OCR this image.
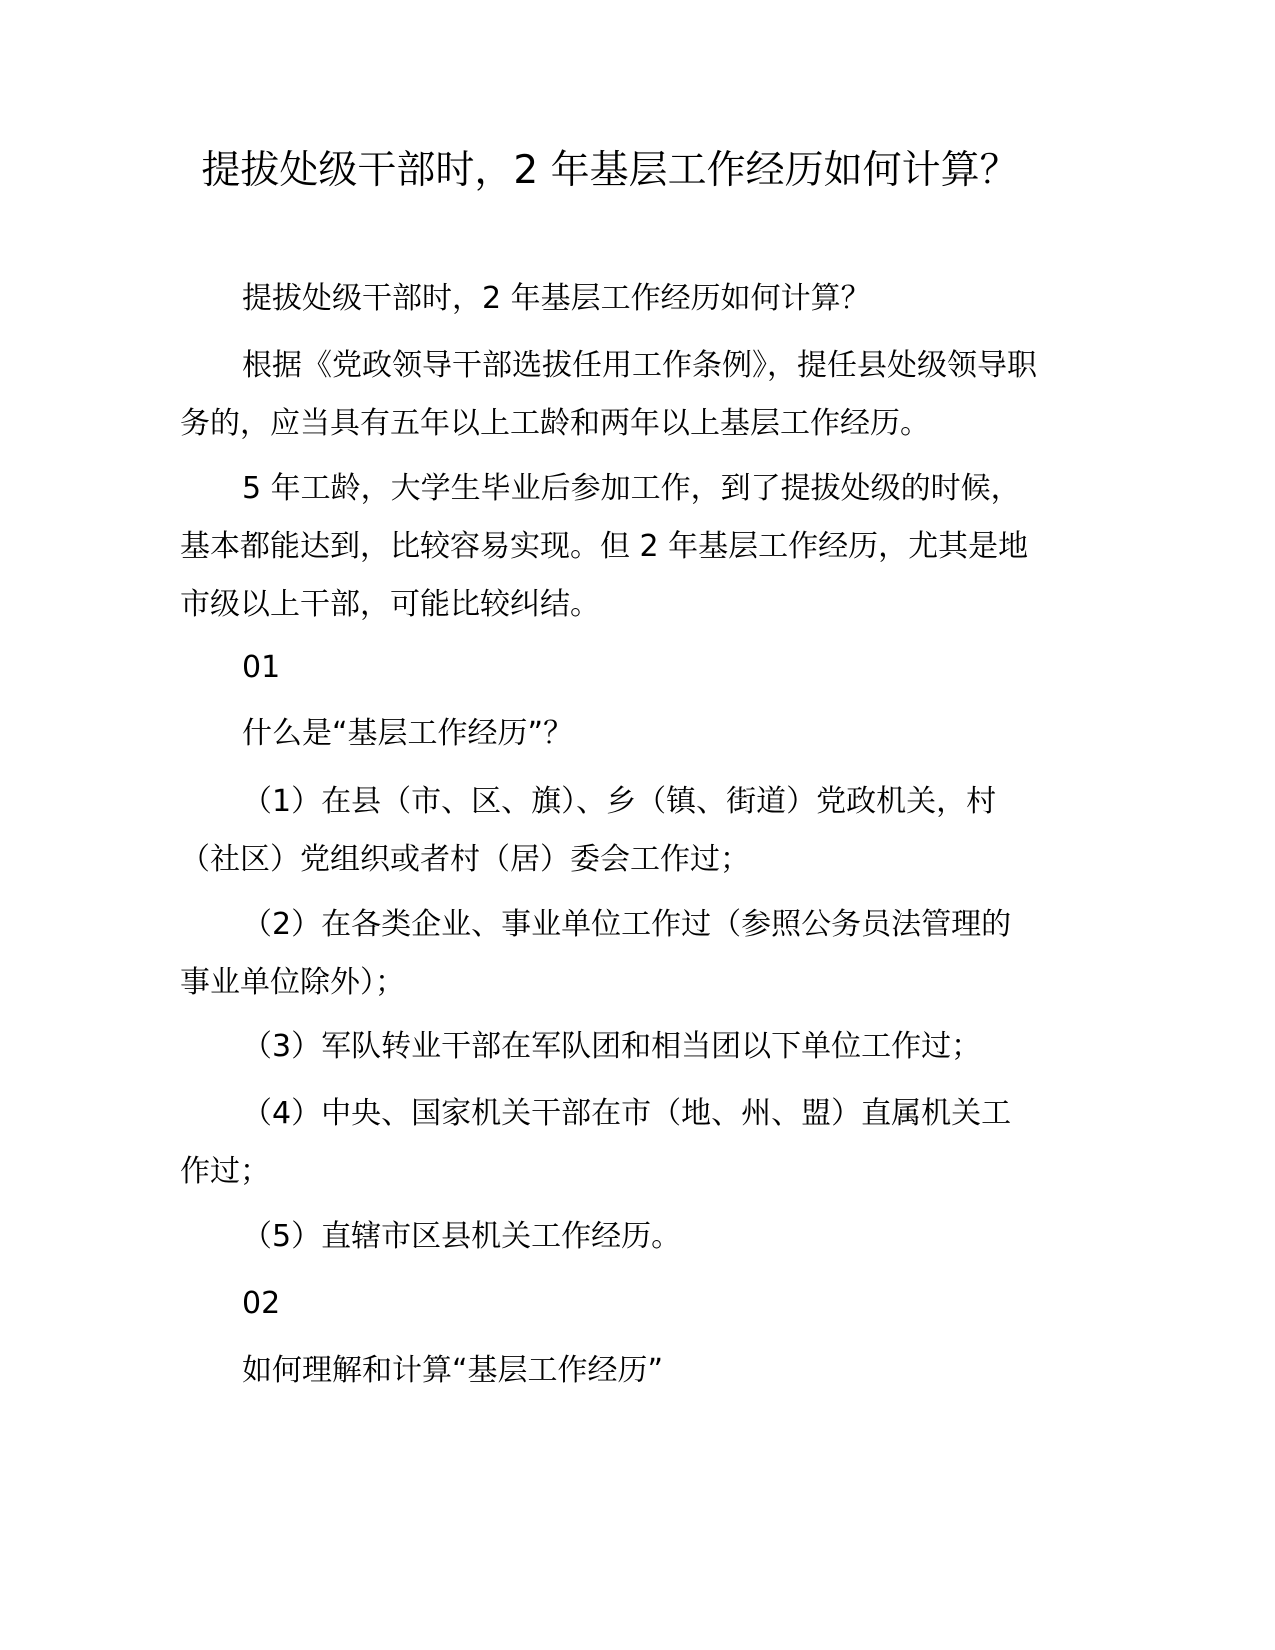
提拔处级干部时，2 年基层工作经历如何计算？

提拔处级干部时，2 年基层工作经历如何计算？

根据《党政领导干部选拔任用工作条例》，提任县处级领导职务的，应当具有五年以上工龄和两年以上基层工作经历。

5 年工龄，大学生毕业后参加工作，到了提拔处级的时候，基本都能达到，比较容易实现。但 2 年基层工作经历，尤其是地市级以上干部，可能比较纠结。

01

什么是“基层工作经历”？

（1）在县（市、区、旗）、乡（镇、街道）党政机关，村（社区）党组织或者村（居）委会工作过；

（2）在各类企业、事业单位工作过（参照公务员法管理的事业单位除外）；

（3）军队转业干部在军队团和相当团以下单位工作过；

（4）中央、国家机关干部在市（地、州、盟）直属机关工作过；

（5）直辖市区县机关工作经历。

02

如何理解和计算“基层工作经历”
